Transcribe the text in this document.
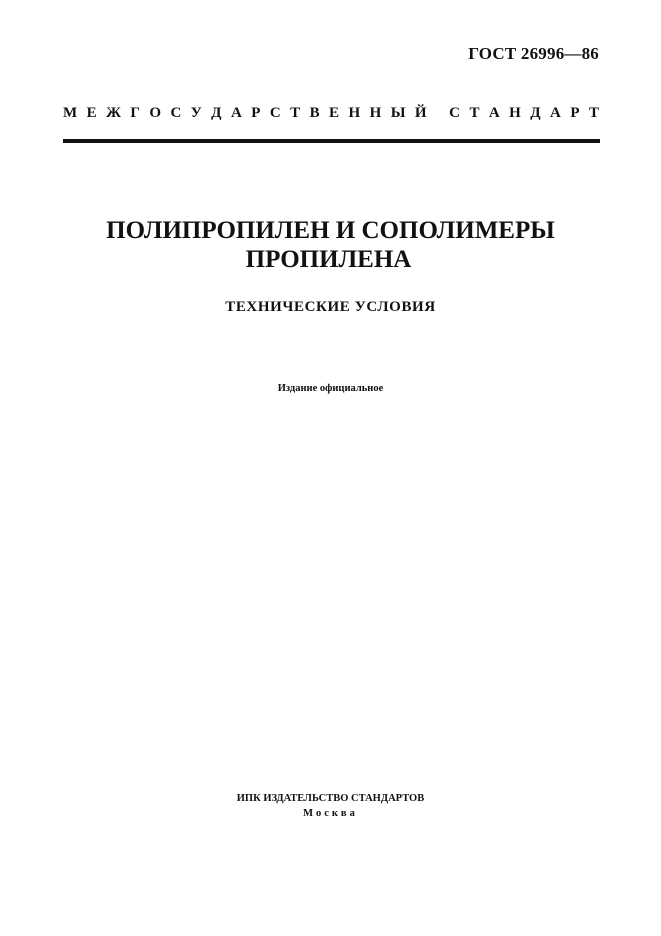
ГОСТ 26996—86
М Е Ж Г О С У Д А Р С Т В Е Н Н Ы Й
С Т А Н Д А Р Т
ПОЛИПРОПИЛЕН И СОПОЛИМЕРЫ
ПРОПИЛЕНА
ТЕХНИЧЕСКИЕ УСЛОВИЯ
Издание официальное
ИПК ИЗДАТЕЛЬСТВО СТАНДАРТОВ
Москва
